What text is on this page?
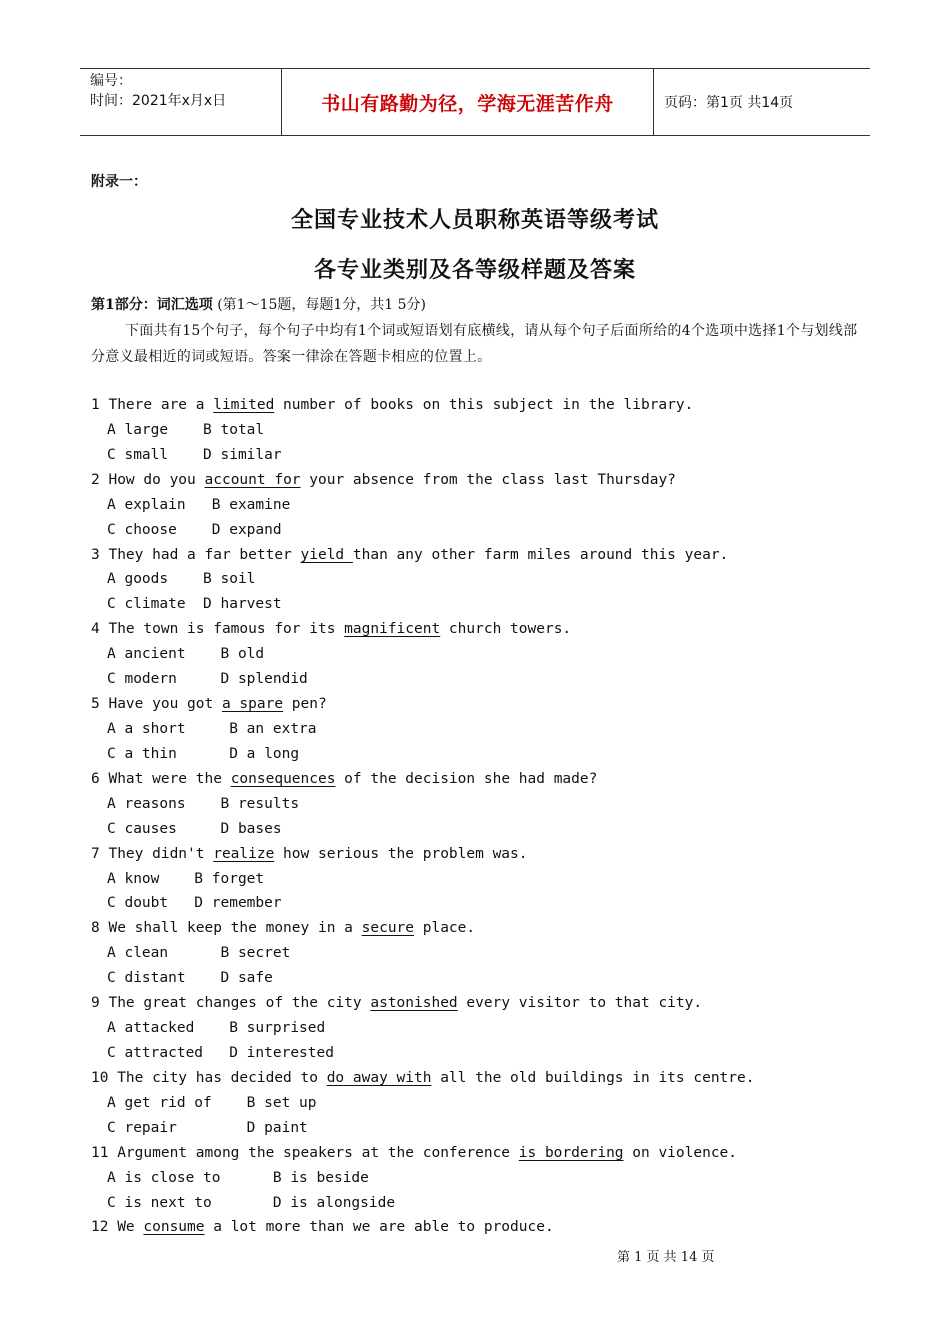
编号：
时间：2021年x月x日	书山有路勤为径，学海无涯苦作舟	页码：第1页 共14页
附录一：
全国专业技术人员职称英语等级考试
各专业类别及各等级样题及答案
第1部分：词汇选项 (第1～15题，每题1分，共1 5分)
下面共有15个句子，每个句子中均有1个词或短语划有底横线，请从每个句子后面所给的4个选项中选择1个与划线部分意义最相近的词或短语。答案一律涂在答题卡相应的位置上。
1 There are a limited number of books on this subject in the library.
A large    B total
C small    D similar
2 How do you account for your absence from the class last Thursday?
A explain   B examine
C choose    D expand
3 They had a far better yield than any other farm miles around this year.
A goods    B soil
C climate  D harvest
4 The town is famous for its magnificent church towers.
A ancient    B old
C modern     D splendid
5 Have you got a spare pen?
A a short     B an extra
C a thin      D a long
6 What were the consequences of the decision she had made?
A reasons    B results
C causes     D bases
7 They didn't realize how serious the problem was.
A know    B forget
C doubt   D remember
8 We shall keep the money in a secure place.
A clean      B secret
C distant    D safe
9 The great changes of the city astonished every visitor to that city.
A attacked    B surprised
C attracted   D interested
10 The city has decided to do away with all the old buildings in its centre.
A get rid of    B set up
C repair        D paint
11 Argument among the speakers at the conference is bordering on violence.
A is close to      B is beside
C is next to       D is alongside
12 We consume a lot more than we are able to produce.
第 1 页 共 14 页
